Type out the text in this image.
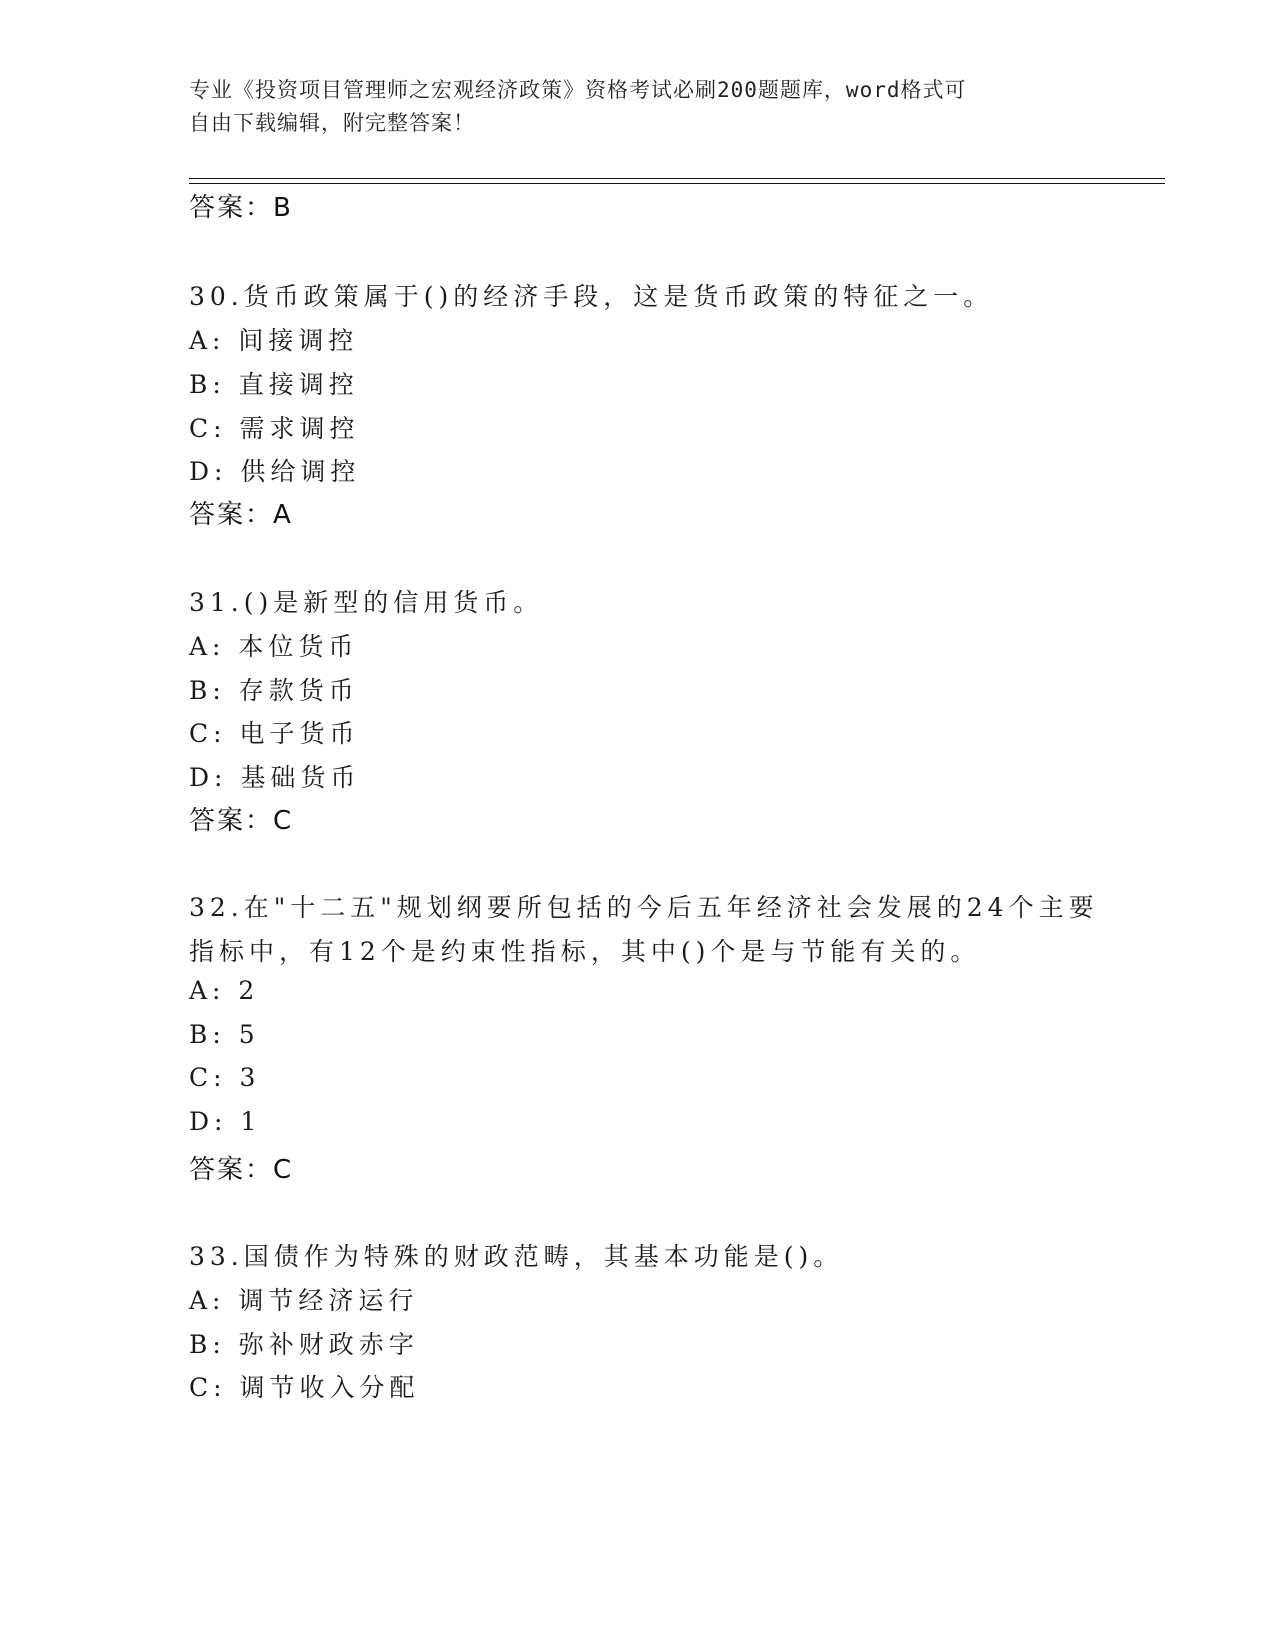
专业《投资项目管理师之宏观经济政策》资格考试必刷200题题库，word格式可
自由下载编辑，附完整答案！
答案：B
30.货币政策属于()的经济手段，这是货币政策的特征之一。
A: 间接调控
B: 直接调控
C: 需求调控
D: 供给调控
答案：A
31.()是新型的信用货币。
A: 本位货币
B: 存款货币
C: 电子货币
D: 基础货币
答案：C
32.在"十二五"规划纲要所包括的今后五年经济社会发展的24个主要
指标中，有12个是约束性指标，其中()个是与节能有关的。
A: 2
B: 5
C: 3
D: 1
答案：C
33.国债作为特殊的财政范畴，其基本功能是()。
A: 调节经济运行
B: 弥补财政赤字
C: 调节收入分配
